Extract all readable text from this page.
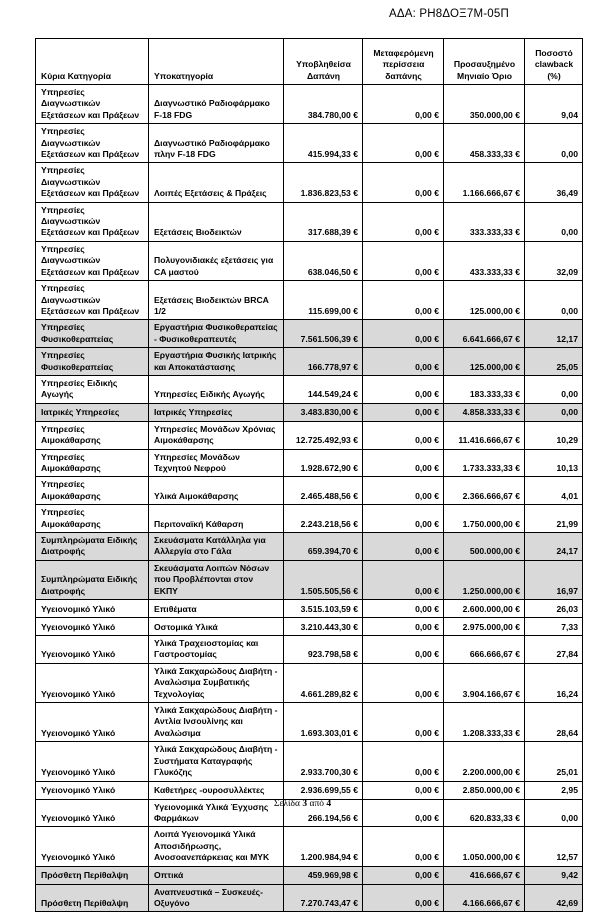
ΑΔΑ: ΡΗ8ΔΟΞ7Μ-05Π
Κύρια Κατηγορία	Υποκατηγορία	Υποβληθείσα Δαπάνη	Μεταφερόμενη περίσσεια δαπάνης	Προσαυξημένο Μηνιαίο Όριο	Ποσοστό clawback (%)
Υπηρεσίες Διαγνωστικών Εξετάσεων και Πράξεων	Διαγνωστικό Ραδιοφάρμακο F-18 FDG	384.780,00 €	0,00 €	350.000,00 €	9,04
Υπηρεσίες Διαγνωστικών Εξετάσεων και Πράξεων	Διαγνωστικό Ραδιοφάρμακο πλην F-18 FDG	415.994,33 €	0,00 €	458.333,33 €	0,00
Υπηρεσίες Διαγνωστικών Εξετάσεων και Πράξεων	Λοιπές Εξετάσεις & Πράξεις	1.836.823,53 €	0,00 €	1.166.666,67 €	36,49
Υπηρεσίες Διαγνωστικών Εξετάσεων και Πράξεων	Εξετάσεις Βιοδεικτών	317.688,39 €	0,00 €	333.333,33 €	0,00
Υπηρεσίες Διαγνωστικών Εξετάσεων και Πράξεων	Πολυγονιδιακές εξετάσεις για CA μαστού	638.046,50 €	0,00 €	433.333,33 €	32,09
Υπηρεσίες Διαγνωστικών Εξετάσεων και Πράξεων	Εξετάσεις Βιοδεικτών BRCA 1/2	115.699,00 €	0,00 €	125.000,00 €	0,00
Υπηρεσίες Φυσικοθεραπείας	Εργαστήρια Φυσικοθεραπείας - Φυσικοθεραπευτές	7.561.506,39 €	0,00 €	6.641.666,67 €	12,17
Υπηρεσίες Φυσικοθεραπείας	Εργαστήρια Φυσικής Ιατρικής και Αποκατάστασης	166.778,97 €	0,00 €	125.000,00 €	25,05
Υπηρεσίες Ειδικής Αγωγής	Υπηρεσίες Ειδικής Αγωγής	144.549,24 €	0,00 €	183.333,33 €	0,00
Ιατρικές Υπηρεσίες	Ιατρικές Υπηρεσίες	3.483.830,00 €	0,00 €	4.858.333,33 €	0,00
Υπηρεσίες Αιμοκάθαρσης	Υπηρεσίες Μονάδων Χρόνιας Αιμοκάθαρσης	12.725.492,93 €	0,00 €	11.416.666,67 €	10,29
Υπηρεσίες Αιμοκάθαρσης	Υπηρεσίες Μονάδων Τεχνητού Νεφρού	1.928.672,90 €	0,00 €	1.733.333,33 €	10,13
Υπηρεσίες Αιμοκάθαρσης	Υλικά Αιμοκάθαρσης	2.465.488,56 €	0,00 €	2.366.666,67 €	4,01
Υπηρεσίες Αιμοκάθαρσης	Περιτοναϊκή Κάθαρση	2.243.218,56 €	0,00 €	1.750.000,00 €	21,99
Συμπληρώματα Ειδικής Διατροφής	Σκευάσματα Κατάλληλα για Αλλεργία στο Γάλα	659.394,70 €	0,00 €	500.000,00 €	24,17
Συμπληρώματα Ειδικής Διατροφής	Σκευάσματα Λοιπών Νόσων που Προβλέπονται στον ΕΚΠΥ	1.505.505,56 €	0,00 €	1.250.000,00 €	16,97
Υγειονομικό Υλικό	Επιθέματα	3.515.103,59 €	0,00 €	2.600.000,00 €	26,03
Υγειονομικό Υλικό	Οστομικά Υλικά	3.210.443,30 €	0,00 €	2.975.000,00 €	7,33
Υγειονομικό Υλικό	Υλικά Τραχειοστομίας και Γαστροστομίας	923.798,58 €	0,00 €	666.666,67 €	27,84
Υγειονομικό Υλικό	Υλικά Σακχαρώδους Διαβήτη - Αναλώσιμα Συμβατικής Τεχνολογίας	4.661.289,82 €	0,00 €	3.904.166,67 €	16,24
Υγειονομικό Υλικό	Υλικά Σακχαρώδους Διαβήτη - Αντλία Ινσουλίνης και Αναλώσιμα	1.693.303,01 €	0,00 €	1.208.333,33 €	28,64
Υγειονομικό Υλικό	Υλικά Σακχαρώδους Διαβήτη - Συστήματα Καταγραφής Γλυκόζης	2.933.700,30 €	0,00 €	2.200.000,00 €	25,01
Υγειονομικό Υλικό	Καθετήρες -ουροσυλλέκτες	2.936.699,55 €	0,00 €	2.850.000,00 €	2,95
Υγειονομικό Υλικό	Υγειονομικά Υλικά Έγχυσης Φαρμάκων	266.194,56 €	0,00 €	620.833,33 €	0,00
Υγειονομικό Υλικό	Λοιπά Υγειονομικά Υλικά Αποσιδήρωσης, Ανοσοανεπάρκειας και ΜΥΚ	1.200.984,94 €	0,00 €	1.050.000,00 €	12,57
Πρόσθετη Περίθαλψη	Οπτικά	459.969,98 €	0,00 €	416.666,67 €	9,42
Πρόσθετη Περίθαλψη	Αναπνευστικά – Συσκευές- Οξυγόνο	7.270.743,47 €	0,00 €	4.166.666,67 €	42,69
Σελίδα 3 από 4
